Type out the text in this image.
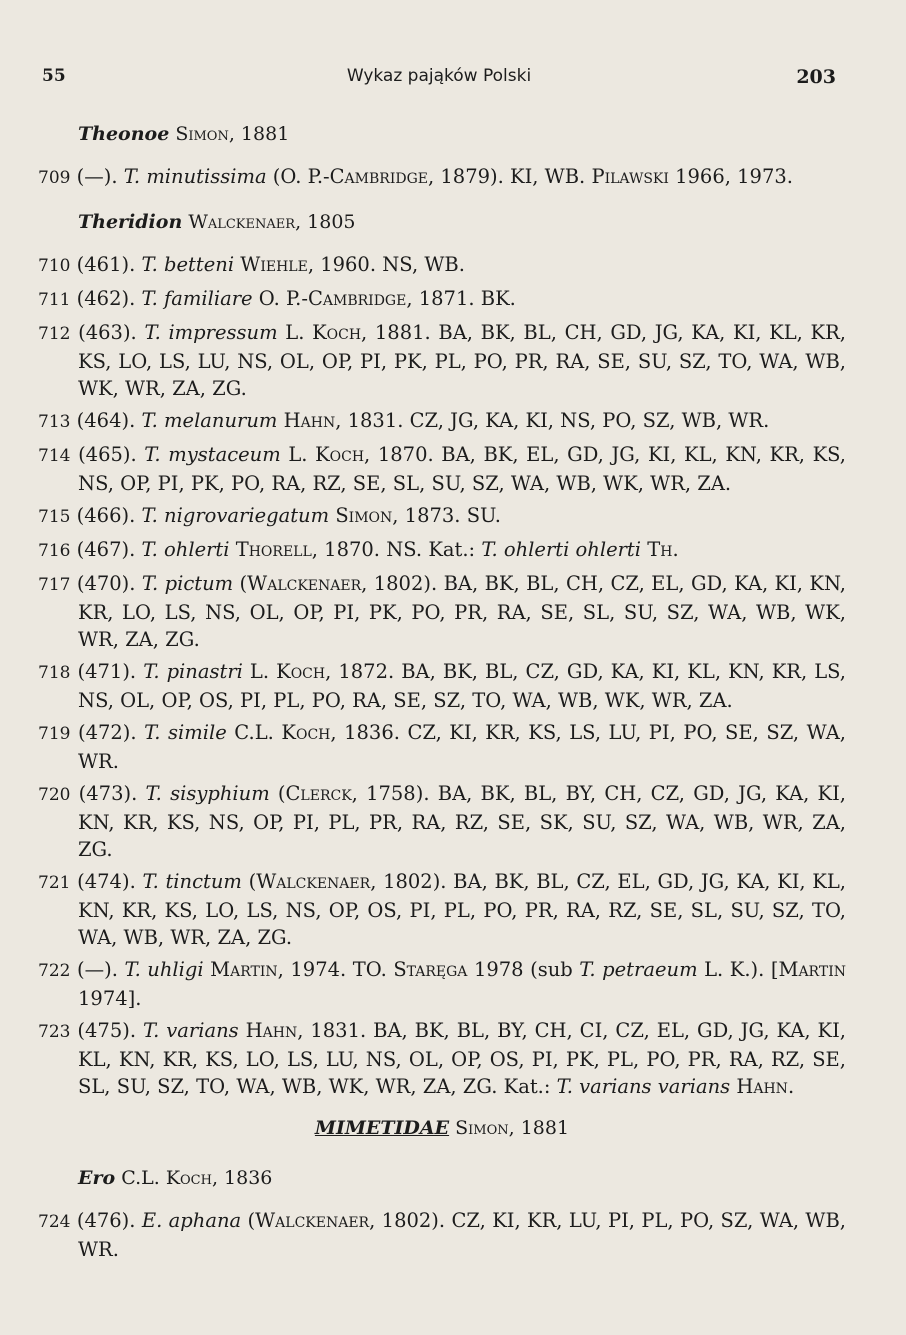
55	Wykaz pająków Polski	203
Theonoe Simon, 1881
709 (—). T. minutissima (O. P.-Cambridge, 1879). KI, WB. Pilawski 1966, 1973.
Theridion Walckenaer, 1805
710 (461). T. betteni Wiehle, 1960. NS, WB.
711 (462). T. familiare O. P.-Cambridge, 1871. BK.
712 (463). T. impressum L. Koch, 1881. BA, BK, BL, CH, GD, JG, KA, KI, KL, KR, KS, LO, LS, LU, NS, OL, OP, PI, PK, PL, PO, PR, RA, SE, SU, SZ, TO, WA, WB, WK, WR, ZA, ZG.
713 (464). T. melanurum Hahn, 1831. CZ, JG, KA, KI, NS, PO, SZ, WB, WR.
714 (465). T. mystaceum L. Koch, 1870. BA, BK, EL, GD, JG, KI, KL, KN, KR, KS, NS, OP, PI, PK, PO, RA, RZ, SE, SL, SU, SZ, WA, WB, WK, WR, ZA.
715 (466). T. nigrovariegatum Simon, 1873. SU.
716 (467). T. ohlerti Thorell, 1870. NS. Kat.: T. ohlerti ohlerti Th.
717 (470). T. pictum (Walckenaer, 1802). BA, BK, BL, CH, CZ, EL, GD, KA, KI, KN, KR, LO, LS, NS, OL, OP, PI, PK, PO, PR, RA, SE, SL, SU, SZ, WA, WB, WK, WR, ZA, ZG.
718 (471). T. pinastri L. Koch, 1872. BA, BK, BL, CZ, GD, KA, KI, KL, KN, KR, LS, NS, OL, OP, OS, PI, PL, PO, RA, SE, SZ, TO, WA, WB, WK, WR, ZA.
719 (472). T. simile C.L. Koch, 1836. CZ, KI, KR, KS, LS, LU, PI, PO, SE, SZ, WA, WR.
720 (473). T. sisyphium (Clerck, 1758). BA, BK, BL, BY, CH, CZ, GD, JG, KA, KI, KN, KR, KS, NS, OP, PI, PL, PR, RA, RZ, SE, SK, SU, SZ, WA, WB, WR, ZA, ZG.
721 (474). T. tinctum (Walckenaer, 1802). BA, BK, BL, CZ, EL, GD, JG, KA, KI, KL, KN, KR, KS, LO, LS, NS, OP, OS, PI, PL, PO, PR, RA, RZ, SE, SL, SU, SZ, TO, WA, WB, WR, ZA, ZG.
722 (—). T. uhligi Martin, 1974. TO. Staręga 1978 (sub T. petraeum L. K.). [Martin 1974].
723 (475). T. varians Hahn, 1831. BA, BK, BL, BY, CH, CI, CZ, EL, GD, JG, KA, KI, KL, KN, KR, KS, LO, LS, LU, NS, OL, OP, OS, PI, PK, PL, PO, PR, RA, RZ, SE, SL, SU, SZ, TO, WA, WB, WK, WR, ZA, ZG. Kat.: T. varians varians Hahn.
MIMETIDAE Simon, 1881
Ero C.L. Koch, 1836
724 (476). E. aphana (Walckenaer, 1802). CZ, KI, KR, LU, PI, PL, PO, SZ, WA, WB, WR.
